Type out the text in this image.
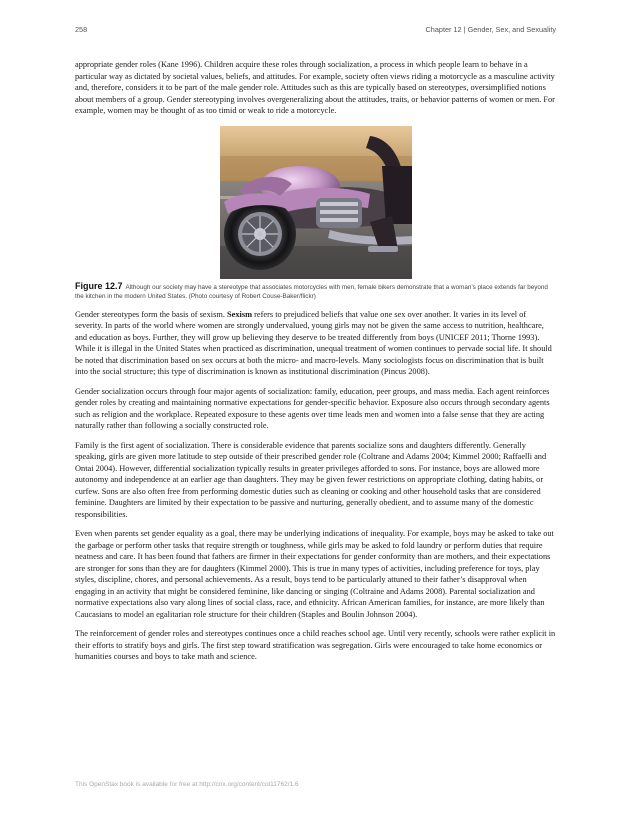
258	Chapter 12 | Gender, Sex, and Sexuality

appropriate gender roles (Kane 1996). Children acquire these roles through socialization, a process in which people learn to behave in a particular way as dictated by societal values, beliefs, and attitudes. For example, society often views riding a motorcycle as a masculine activity and, therefore, considers it to be part of the male gender role. Attitudes such as this are typically based on stereotypes, oversimplified notions about members of a group. Gender stereotyping involves overgeneralizing about the attitudes, traits, or behavior patterns of women or men. For example, women may be thought of as too timid or weak to ride a motorcycle.

Figure 12.7 Although our society may have a stereotype that associates motorcycles with men, female bikers demonstrate that a woman’s place extends far beyond the kitchen in the modern United States. (Photo courtesy of Robert Couse-Baker/flickr)

Gender stereotypes form the basis of sexism. Sexism refers to prejudiced beliefs that value one sex over another. It varies in its level of severity. In parts of the world where women are strongly undervalued, young girls may not be given the same access to nutrition, healthcare, and education as boys. Further, they will grow up believing they deserve to be treated differently from boys (UNICEF 2011; Thorne 1993). While it is illegal in the United States when practiced as discrimination, unequal treatment of women continues to pervade social life. It should be noted that discrimination based on sex occurs at both the micro- and macro-levels. Many sociologists focus on discrimination that is built into the social structure; this type of discrimination is known as institutional discrimination (Pincus 2008).

Gender socialization occurs through four major agents of socialization: family, education, peer groups, and mass media. Each agent reinforces gender roles by creating and maintaining normative expectations for gender-specific behavior. Exposure also occurs through secondary agents such as religion and the workplace. Repeated exposure to these agents over time leads men and women into a false sense that they are acting naturally rather than following a socially constructed role.

Family is the first agent of socialization. There is considerable evidence that parents socialize sons and daughters differently. Generally speaking, girls are given more latitude to step outside of their prescribed gender role (Coltrane and Adams 2004; Kimmel 2000; Raffaelli and Ontai 2004). However, differential socialization typically results in greater privileges afforded to sons. For instance, boys are allowed more autonomy and independence at an earlier age than daughters. They may be given fewer restrictions on appropriate clothing, dating habits, or curfew. Sons are also often free from performing domestic duties such as cleaning or cooking and other household tasks that are considered feminine. Daughters are limited by their expectation to be passive and nurturing, generally obedient, and to assume many of the domestic responsibilities.

Even when parents set gender equality as a goal, there may be underlying indications of inequality. For example, boys may be asked to take out the garbage or perform other tasks that require strength or toughness, while girls may be asked to fold laundry or perform duties that require neatness and care. It has been found that fathers are firmer in their expectations for gender conformity than are mothers, and their expectations are stronger for sons than they are for daughters (Kimmel 2000). This is true in many types of activities, including preference for toys, play styles, discipline, chores, and personal achievements. As a result, boys tend to be particularly attuned to their father’s disapproval when engaging in an activity that might be considered feminine, like dancing or singing (Coltraine and Adams 2008). Parental socialization and normative expectations also vary along lines of social class, race, and ethnicity. African American families, for instance, are more likely than Caucasians to model an egalitarian role structure for their children (Staples and Boulin Johnson 2004).

The reinforcement of gender roles and stereotypes continues once a child reaches school age. Until very recently, schools were rather explicit in their efforts to stratify boys and girls. The first step toward stratification was segregation. Girls were encouraged to take home economics or humanities courses and boys to take math and science.

This OpenStax book is available for free at http://cnx.org/content/col11762/1.6
